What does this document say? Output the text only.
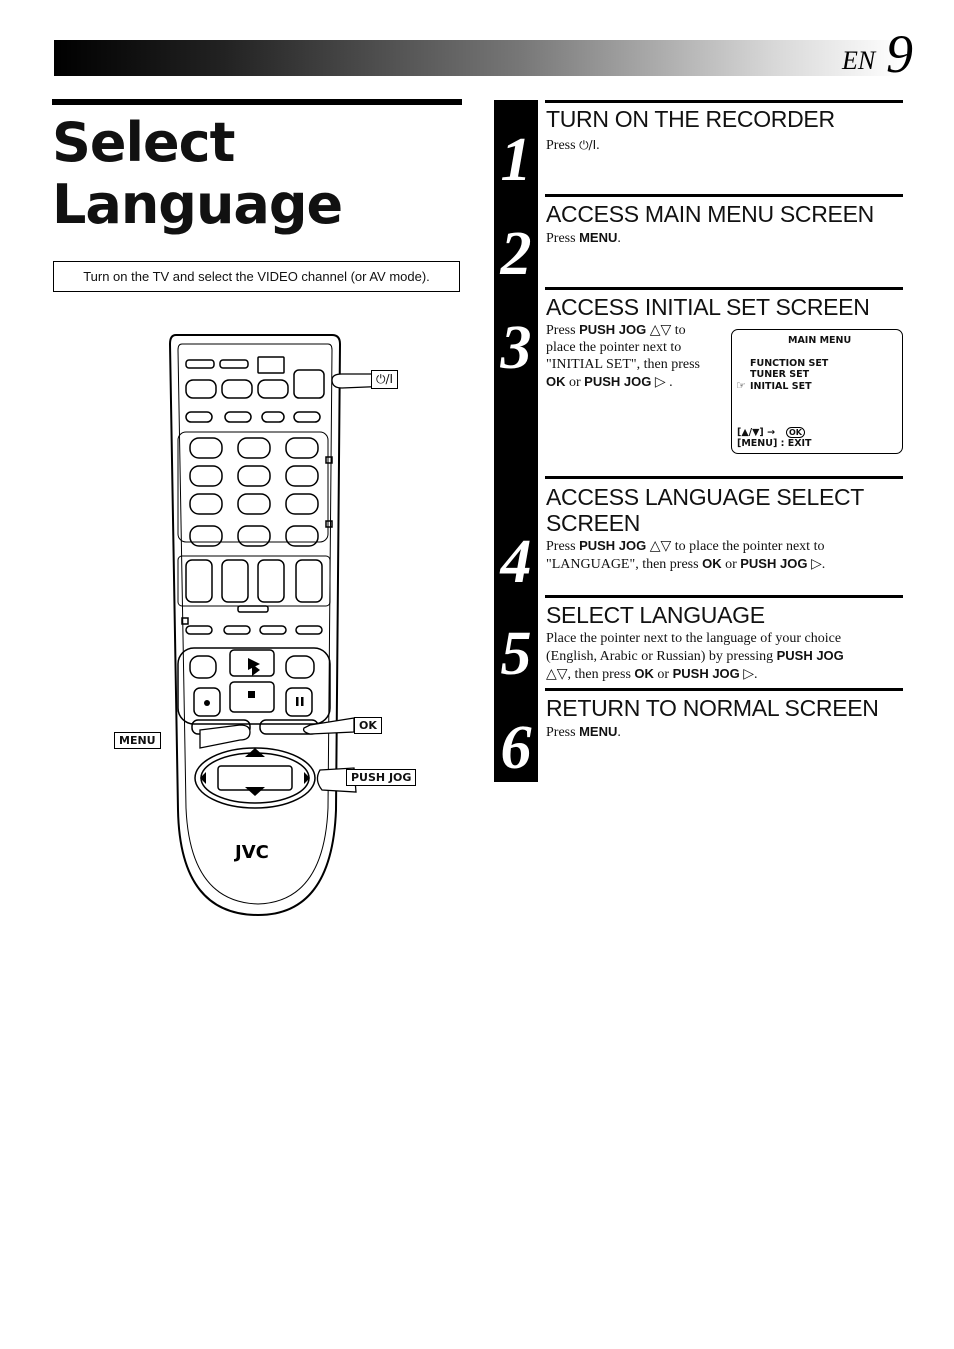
EN 9
Select
Language
Turn on the TV and select the VIDEO channel (or AV mode).
1
2
3
4
5
6
TURN ON THE RECORDER

Press ⏻/I.

ACCESS MAIN MENU SCREEN

Press MENU.

ACCESS INITIAL SET SCREEN

Press PUSH JOG △▽ to
place the pointer next to
"INITIAL SET", then press
OK or PUSH JOG ▷ .

MAIN MENU
FUNCTION SET
TUNER SET
☞ INITIAL SET
[▲/▼] →	OK
[MENU] : EXIT
ACCESS LANGUAGE SELECT
SCREEN

Press PUSH JOG △▽ to place the pointer next to
"LANGUAGE", then press OK or PUSH JOG ▷.

SELECT LANGUAGE

Place the pointer next to the language of your choice
(English, Arabic or Russian) by pressing PUSH JOG
△▽, then press OK or PUSH JOG ▷.

RETURN TO NORMAL SCREEN

Press MENU.

JVC
⏻/I
MENU
OK
PUSH JOG
